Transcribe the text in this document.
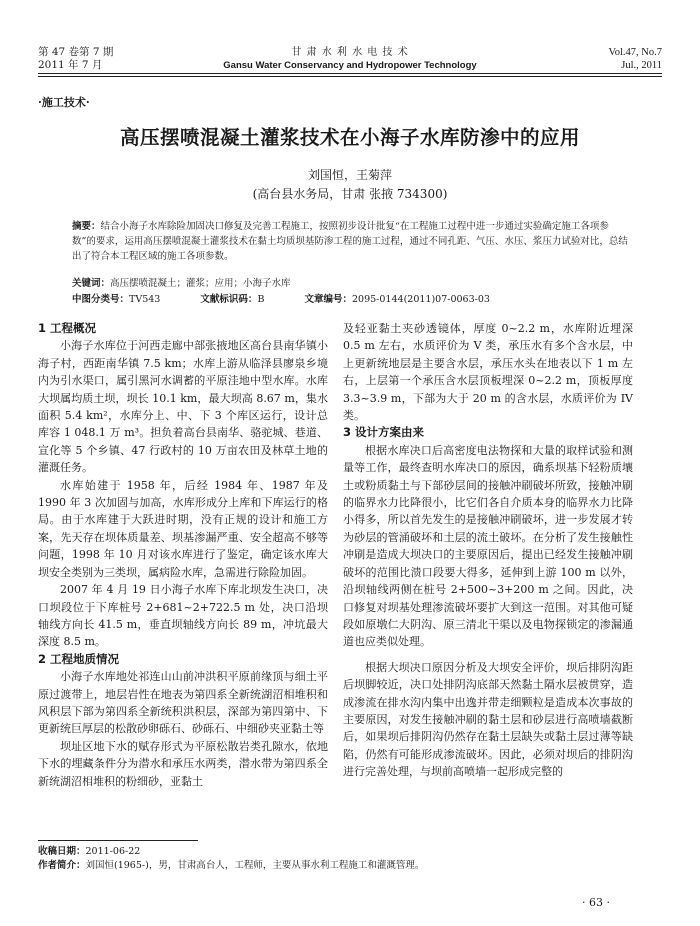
第 47 卷第 7 期
2011 年 7 月
甘 肃 水 利 水 电 技 术
Gansu Water Conservancy and Hydropower Technology
Vol.47, No.7
Jul., 2011
·施工技术·
高压摆喷混凝土灌浆技术在小海子水库防渗中的应用
刘国恒，王菊萍
(高台县水务局，甘肃 张掖 734300)
摘要：结合小海子水库除险加固决口修复及完善工程施工，按照初步设计批复“在工程施工过程中进一步通过实验确定施工各项参数”的要求，运用高压摆喷混凝土灌浆技术在黏土均质坝基防渗工程的施工过程，通过不同孔距、气压、水压、浆压力试验对比，总结出了符合本工程区域的施工各项参数。
关键词：高压摆喷混凝土；灌浆；应用；小海子水库
中图分类号：TV543	文献标识码：B	文章编号：2095-0144(2011)07-0063-03
1 工程概况

小海子水库位于河西走廊中部张掖地区高台县南华镇小海子村，西距南华镇 7.5 km；水库上游从临泽县廖泉乡境内为引水渠口，属引黑河水调蓄的平原洼地中型水库。水库大坝属均质土坝，坝长 10.1 km，最大坝高 8.67 m，集水面积 5.4 km²，水库分上、中、下 3 个库区运行，设计总库容 1 048.1 万 m³。担负着高台县南华、骆驼城、巷道、宣化等 5 个乡镇、47 行政村的 10 万亩农田及林草土地的灌溉任务。

水库始建于 1958 年，后经 1984 年、1987 年及 1990 年 3 次加固与加高，水库形成分上库和下库运行的格局。由于水库建于大跃进时期，没有正规的设计和施工方案，先天存在坝体质量差、坝基渗漏严重、安全超高不够等问题，1998 年 10 月对该水库进行了鉴定，确定该水库大坝安全类别为三类坝，属病险水库，急需进行除险加固。

2007 年 4 月 19 日小海子水库下库北坝发生决口，决口坝段位于下库桩号 2+681~2+722.5 m 处，决口沿坝轴线方向长 41.5 m，垂直坝轴线方向长 89 m，冲坑最大深度 8.5 m。

2 工程地质情况

小海子水库地处祁连山山前冲洪积平原前缘顶与细土平原过渡带上，地层岩性在地表为第四系全新统湖沼相堆积和风积层下部为第四系全新统积洪积层，深部为第四第中、下更新统巨厚层的松散砂卵砾石、砂砾石、中细砂夹亚黏土等

坝址区地下水的赋存形式为平原松散岩类孔隙水，依地下水的埋藏条件分为潜水和承压水两类，潜水带为第四系全新统湖沼相堆积的粉细砂，亚黏土

及轻亚黏土夹砂透镜体，厚度 0~2.2 m，水库附近埋深 0.5 m 左右，水质评价为 V 类，承压水有多个含水层，中上更新统地层是主要含水层，承压水头在地表以下 1 m 左右，上层第一个承压含水层顶板埋深 0~2.2 m，顶板厚度 3.3~3.9 m，下部为大于 20 m 的含水层，水质评价为 IV 类。

3 设计方案由来

根据水库决口后高密度电法物探和大量的取样试验和测量等工作，最终查明水库决口的原因，确系坝基下轻粉质壤土或粉质黏土与下部砂层间的接触冲刷破坏所致，接触冲刷的临界水力比降很小，比它们各自介质本身的临界水力比降小得多，所以首先发生的是接触冲刷破坏，进一步发展才转为砂层的管涌破坏和土层的流土破坏。在分析了发生接触性冲刷是造成大坝决口的主要原因后，提出已经发生接触冲刷破坏的范围比溃口段要大得多，延伸到上游 100 m 以外，沿坝轴线两侧在桩号 2+500~3+200 m 之间。因此，决口修复对坝基处理渗流破坏要扩大到这一范围。对其他可疑段如原墩仁大阴沟、原三清北干渠以及电物探锁定的渗漏通道也应类似处理。

根据大坝决口原因分析及大坝安全评价，坝后排阴沟距后坝脚较近，决口处排阴沟底部天然黏土隔水层被贯穿，造成渗流在排水沟内集中出逸并带走细颗粒是造成本次事故的主要原因，对发生接触冲刷的黏土层和砂层进行高喷墙截断后，如果坝后排阴沟仍然存在黏土层缺失或黏土层过薄等缺陷，仍然有可能形成渗流破坏。因此，必须对坝后的排阴沟进行完善处理，与坝前高喷墙一起形成完整的

收稿日期：2011-06-22
作者简介：刘国恒(1965-)，男，甘肃高台人，工程师，主要从事水利工程施工和灌溉管理。
· 63 ·
